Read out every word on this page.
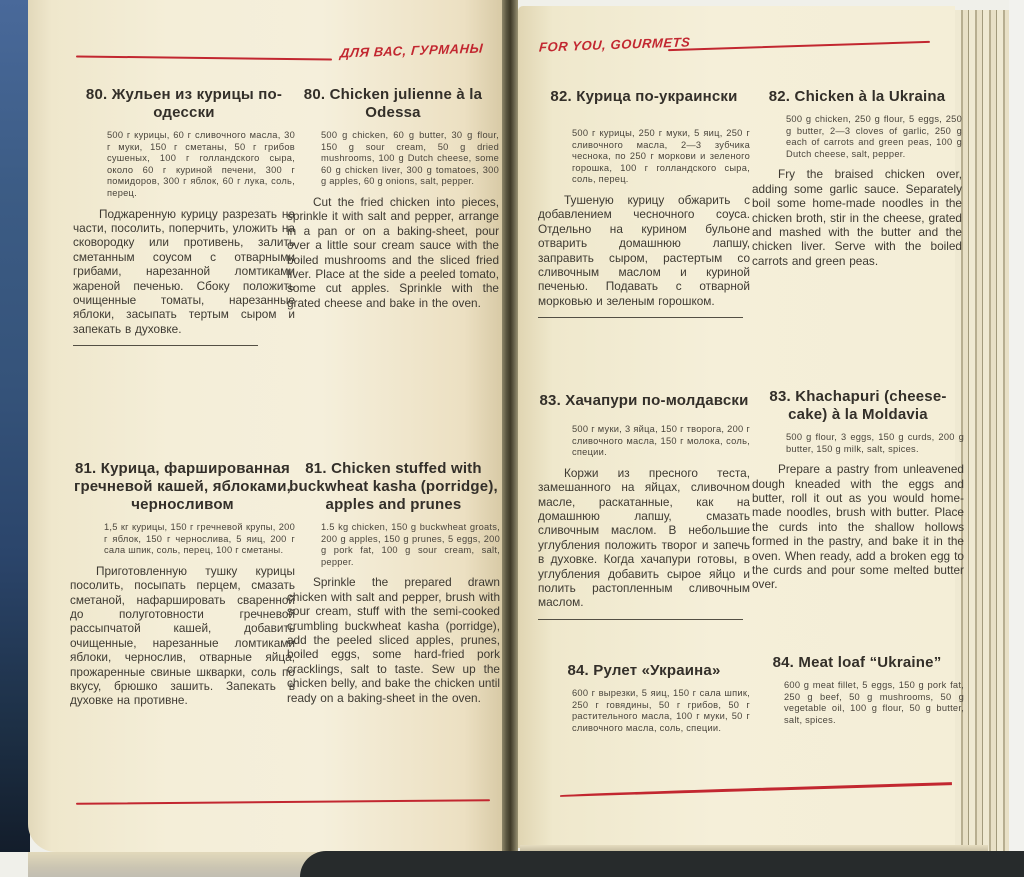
ДЛЯ ВАС, ГУРМАНЫ	FOR YOU, GOURMETS
80. Жульен из курицы по-одесски

500 г курицы, 60 г сливочного масла, 30 г муки, 150 г сметаны, 50 г грибов сушеных, 100 г голландского сыра, около 60 г куриной печени, 300 г помидоров, 300 г яблок, 60 г лука, соль, перец.

Поджаренную курицу разрезать на части, посолить, поперчить, уложить на сковородку или противень, залить сметанным соусом с отварными грибами, нарезанной ломтиками жареной печенью. Сбоку положить очищенные томаты, нарезанные яблоки, засыпать тертым сыром и запекать в духовке.

80. Chicken julienne à la Odessa

500 g chicken, 60 g butter, 30 g flour, 150 g sour cream, 50 g dried mushrooms, 100 g Dutch cheese, some 60 g chicken liver, 300 g tomatoes, 300 g apples, 60 g onions, salt, pepper.

Cut the fried chicken into pieces, sprinkle it with salt and pepper, arrange in a pan or on a baking-sheet, pour over a little sour cream sauce with the boiled mushrooms and the sliced fried liver. Place at the side a peeled tomato, some cut apples. Sprinkle with the grated cheese and bake in the oven.

81. Курица, фаршированная гречневой кашей, яблоками, черносливом

1,5 кг курицы, 150 г гречневой крупы, 200 г яблок, 150 г чернослива, 5 яиц, 200 г сала шпик, соль, перец, 100 г сметаны.

Приготовленную тушку курицы посолить, посыпать перцем, смазать сметаной, нафаршировать сваренной до полуготовности гречневой рассыпчатой кашей, добавить очищенные, нарезанные ломтиками яблоки, чернослив, отварные яйца, прожаренные свиные шкварки, соль по вкусу, брюшко зашить. Запекать в духовке на противне.

81. Chicken stuffed with buckwheat kasha (porridge), apples and prunes

1.5 kg chicken, 150 g buckwheat groats, 200 g apples, 150 g prunes, 5 eggs, 200 g pork fat, 100 g sour cream, salt, pepper.

Sprinkle the prepared drawn chicken with salt and pepper, brush with sour cream, stuff with the semi-cooked crumbling buckwheat kasha (porridge), add the peeled sliced apples, prunes, boiled eggs, some hard-fried pork cracklings, salt to taste. Sew up the chicken belly, and bake the chicken until ready on a baking-sheet in the oven.

82. Курица по-украински

500 г курицы, 250 г муки, 5 яиц, 250 г сливочного масла, 2—3 зубчика чеснока, по 250 г моркови и зеленого горошка, 100 г голландского сыра, соль, перец.

Тушеную курицу обжарить с добавлением чесночного соуса. Отдельно на курином бульоне отварить домашнюю лапшу, заправить сыром, растертым со сливочным маслом и куриной печенью. Подавать с отварной морковью и зеленым горошком.

82. Chicken à la Ukraina

500 g chicken, 250 g flour, 5 eggs, 250 g butter, 2—3 cloves of garlic, 250 g each of carrots and green peas, 100 g Dutch cheese, salt, pepper.

Fry the braised chicken over, adding some garlic sauce. Separately boil some home-made noodles in the chicken broth, stir in the cheese, grated and mashed with the butter and the chicken liver. Serve with the boiled carrots and green peas.

83. Хачапури по-молдавски

500 г муки, 3 яйца, 150 г творога, 200 г сливочного масла, 150 г молока, соль, специи.

Коржи из пресного теста, замешанного на яйцах, сливочном масле, раскатанные, как на домашнюю лапшу, смазать сливочным маслом. В небольшие углубления положить творог и запечь в духовке. Когда хачапури готовы, в углубления добавить сырое яйцо и полить растопленным сливочным маслом.

83. Khachapuri (cheese-cake) à la Moldavia

500 g flour, 3 eggs, 150 g curds, 200 g butter, 150 g milk, salt, spices.

Prepare a pastry from unleavened dough kneaded with the eggs and butter, roll it out as you would home-made noodles, brush with butter. Place the curds into the shallow hollows formed in the pastry, and bake it in the oven. When ready, add a broken egg to the curds and pour some melted butter over.

84. Рулет «Украина»

600 г вырезки, 5 яиц, 150 г сала шпик, 250 г говядины, 50 г грибов, 50 г растительного масла, 100 г муки, 50 г сливочного масла, соль, специи.

84. Meat loaf “Ukraine”

600 g meat fillet, 5 eggs, 150 g pork fat, 250 g beef, 50 g mushrooms, 50 g vegetable oil, 100 g flour, 50 g butter, salt, spices.
